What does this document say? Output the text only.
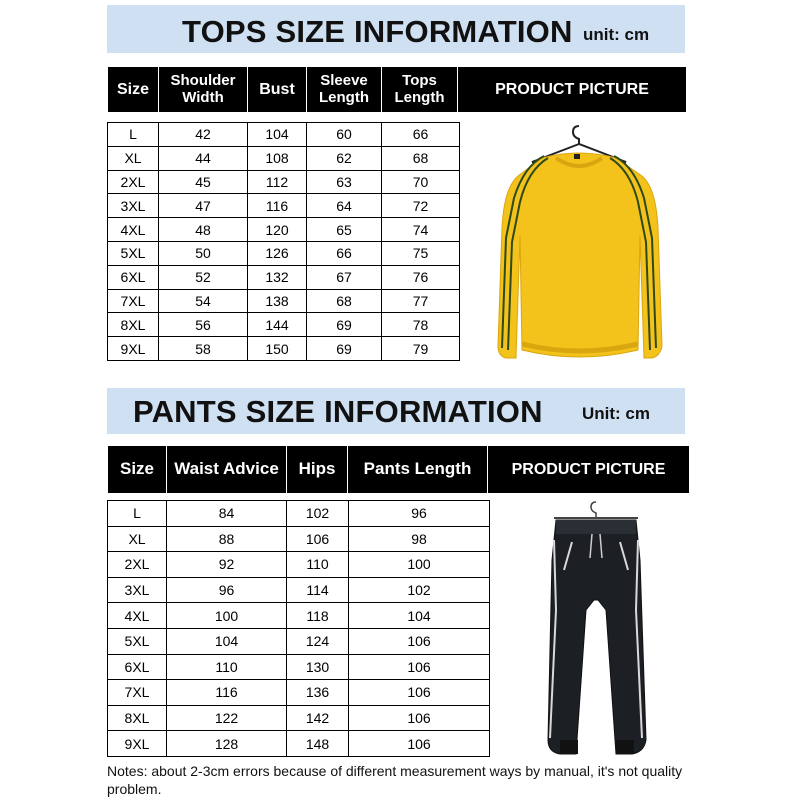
TOPS SIZE INFORMATION unit: cm
Size	Shoulder Width	Bust	Sleeve Length	Tops Length	PRODUCT PICTURE
L	42	104	60	66
XL	44	108	62	68
2XL	45	112	63	70
3XL	47	116	64	72
4XL	48	120	65	74
5XL	50	126	66	75
6XL	52	132	67	76
7XL	54	138	68	77
8XL	56	144	69	78
9XL	58	150	69	79
PANTS SIZE INFORMATION Unit: cm
Size	Waist Advice	Hips	Pants Length	PRODUCT PICTURE
L	84	102	96
XL	88	106	98
2XL	92	110	100
3XL	96	114	102
4XL	100	118	104
5XL	104	124	106
6XL	110	130	106
7XL	116	136	106
8XL	122	142	106
9XL	128	148	106
Notes: about 2-3cm errors because of different measurement ways by manual, it's not quality problem.
